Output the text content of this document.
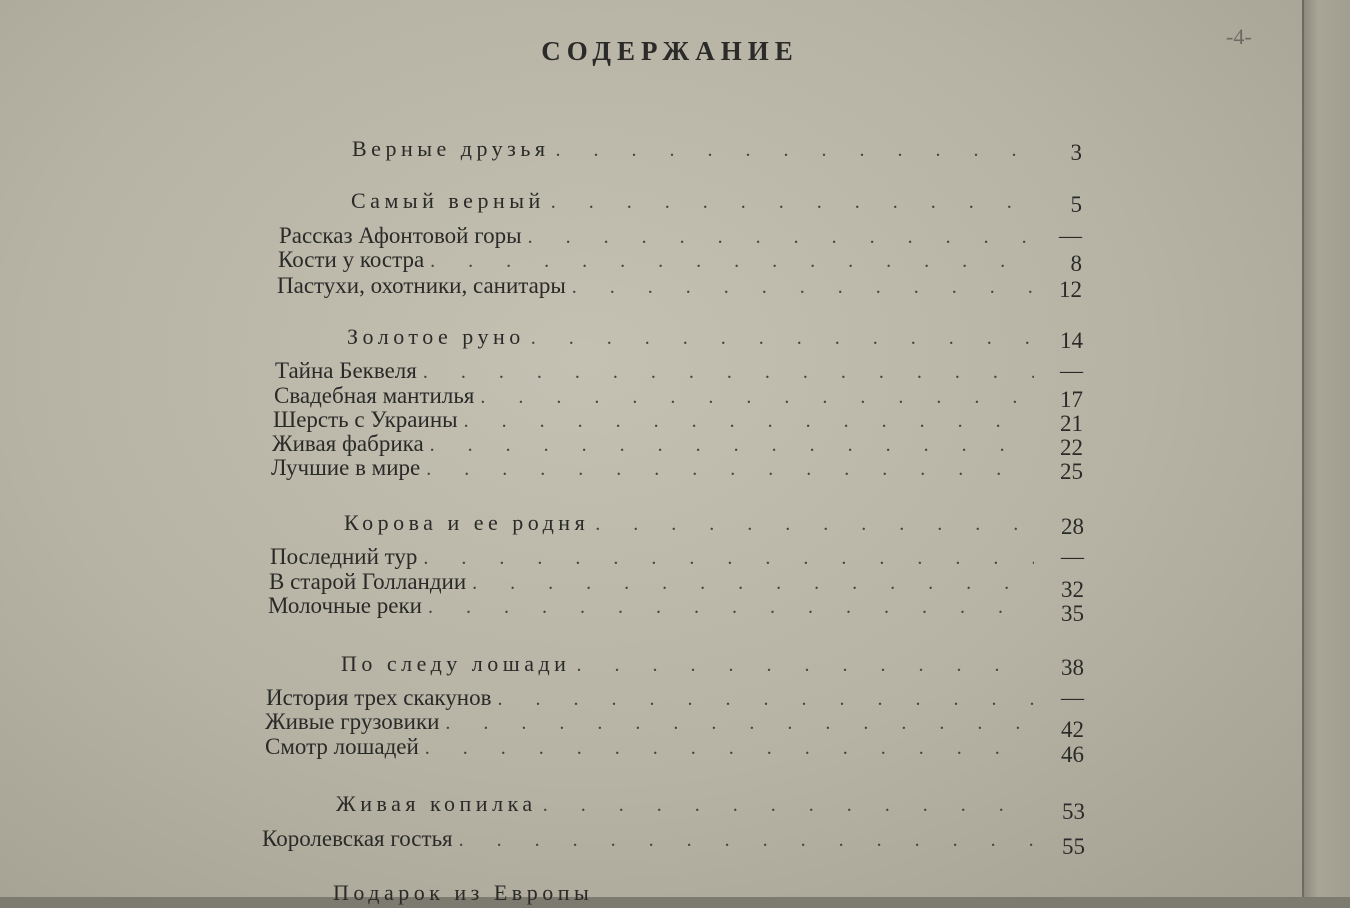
-4-
СОДЕРЖАНИЕ
Верные друзья . . .	3
Самый верный . . .	5
Рассказ Афонтовой горы . . .	—
Кости у костра . . .	8
Пастухи, охотники, санитары . . .	12
Золотое руно . . .	14
Тайна Беквеля . . .	—
Свадебная мантилья . . .	17
Шерсть с Украины . . .	21
Живая фабрика . . .	22
Лучшие в мире . . .	25
Корова и ее родня . . .	28
Последний тур . . .	—
В старой Голландии . . .	32
Молочные реки . . .	35
По следу лошади . . .	38
История трех скакунов . . .	—
Живые грузовики . . .	42
Смотр лошадей . . .	46
Живая копилка . . .	53
Королевская гостья . . .	55
Подарок из Европы
